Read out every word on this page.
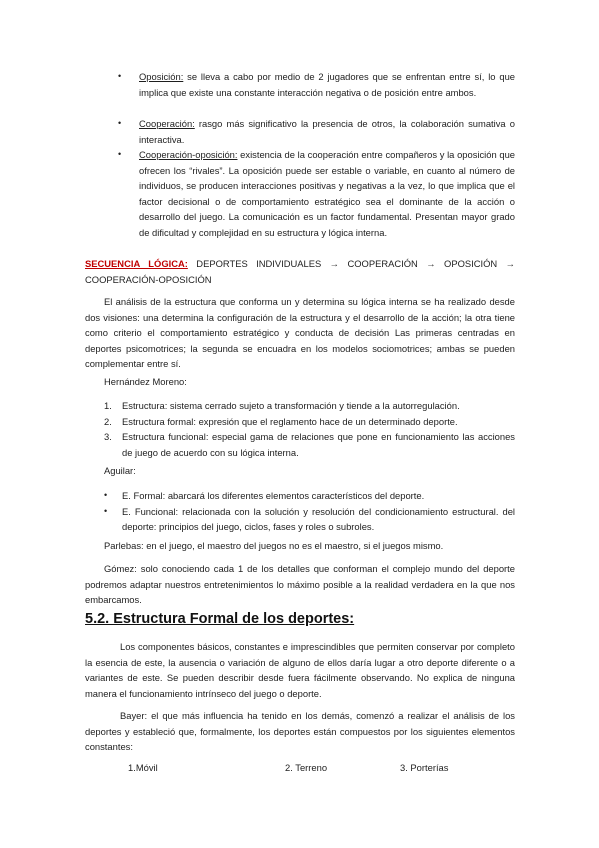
• Oposición: se lleva a cabo por medio de 2 jugadores que se enfrentan entre sí, lo que implica que existe una constante interacción negativa o de posición entre ambos.

• Cooperación: rasgo más significativo la presencia de otros, la colaboración sumativa o interactiva.

• Cooperación-oposición: existencia de la cooperación entre compañeros y la oposición que ofrecen los “rivales”. La oposición puede ser estable o variable, en cuanto al número de individuos, se producen interacciones positivas y negativas a la vez, lo que implica que el factor decisional o de comportamiento estratégico sea el dominante de la acción o desarrollo del juego. La comunicación es un factor fundamental. Presentan mayor grado de dificultad y complejidad en su estructura y lógica interna.

SECUENCIA LÓGICA: DEPORTES INDIVIDUALES → COOPERACIÓN → OPOSICIÓN → COOPERACIÓN-OPOSICIÓN

El análisis de la estructura que conforma un y determina su lógica interna se ha realizado desde dos visiones: una determina la configuración de la estructura y el desarrollo de la acción; la otra tiene como criterio el comportamiento estratégico y conducta de decisión Las primeras centradas en deportes psicomotrices; la segunda se encuadra en los modelos sociomotrices; ambas se pueden complementar entre sí.

Hernández Moreno:

1. Estructura: sistema cerrado sujeto a transformación y tiende a la autorregulación.
2. Estructura formal: expresión que el reglamento hace de un determinado deporte.
3. Estructura funcional: especial gama de relaciones que pone en funcionamiento las acciones de juego de acuerdo con su lógica interna.

Aguilar:

• E. Formal: abarcará los diferentes elementos característicos del deporte.
• E. Funcional: relacionada con la solución y resolución del condicionamiento estructural. del deporte: principios del juego, ciclos, fases y roles o subroles.

Parlebas: en el juego, el maestro del juegos no es el maestro, si el juegos mismo.

Gómez: solo conociendo cada 1 de los detalles que conforman el complejo mundo del deporte podremos adaptar nuestros entretenimientos lo máximo posible a la realidad verdadera en la que nos embarcamos.

5.2. Estructura Formal de los deportes:

Los componentes básicos, constantes e imprescindibles que permiten conservar por completo la esencia de este, la ausencia o variación de alguno de ellos daría lugar a otro deporte diferente o a variantes de este. Se pueden describir desde fuera fácilmente observando. No explica de ninguna manera el funcionamiento intrínseco del juego o deporte.

Bayer: el que más influencia ha tenido en los demás, comenzó a realizar el análisis de los deportes y estableció que, formalmente, los deportes están compuestos por los siguientes elementos constantes:

1.Móvil	2. Terreno	3. Porterías
